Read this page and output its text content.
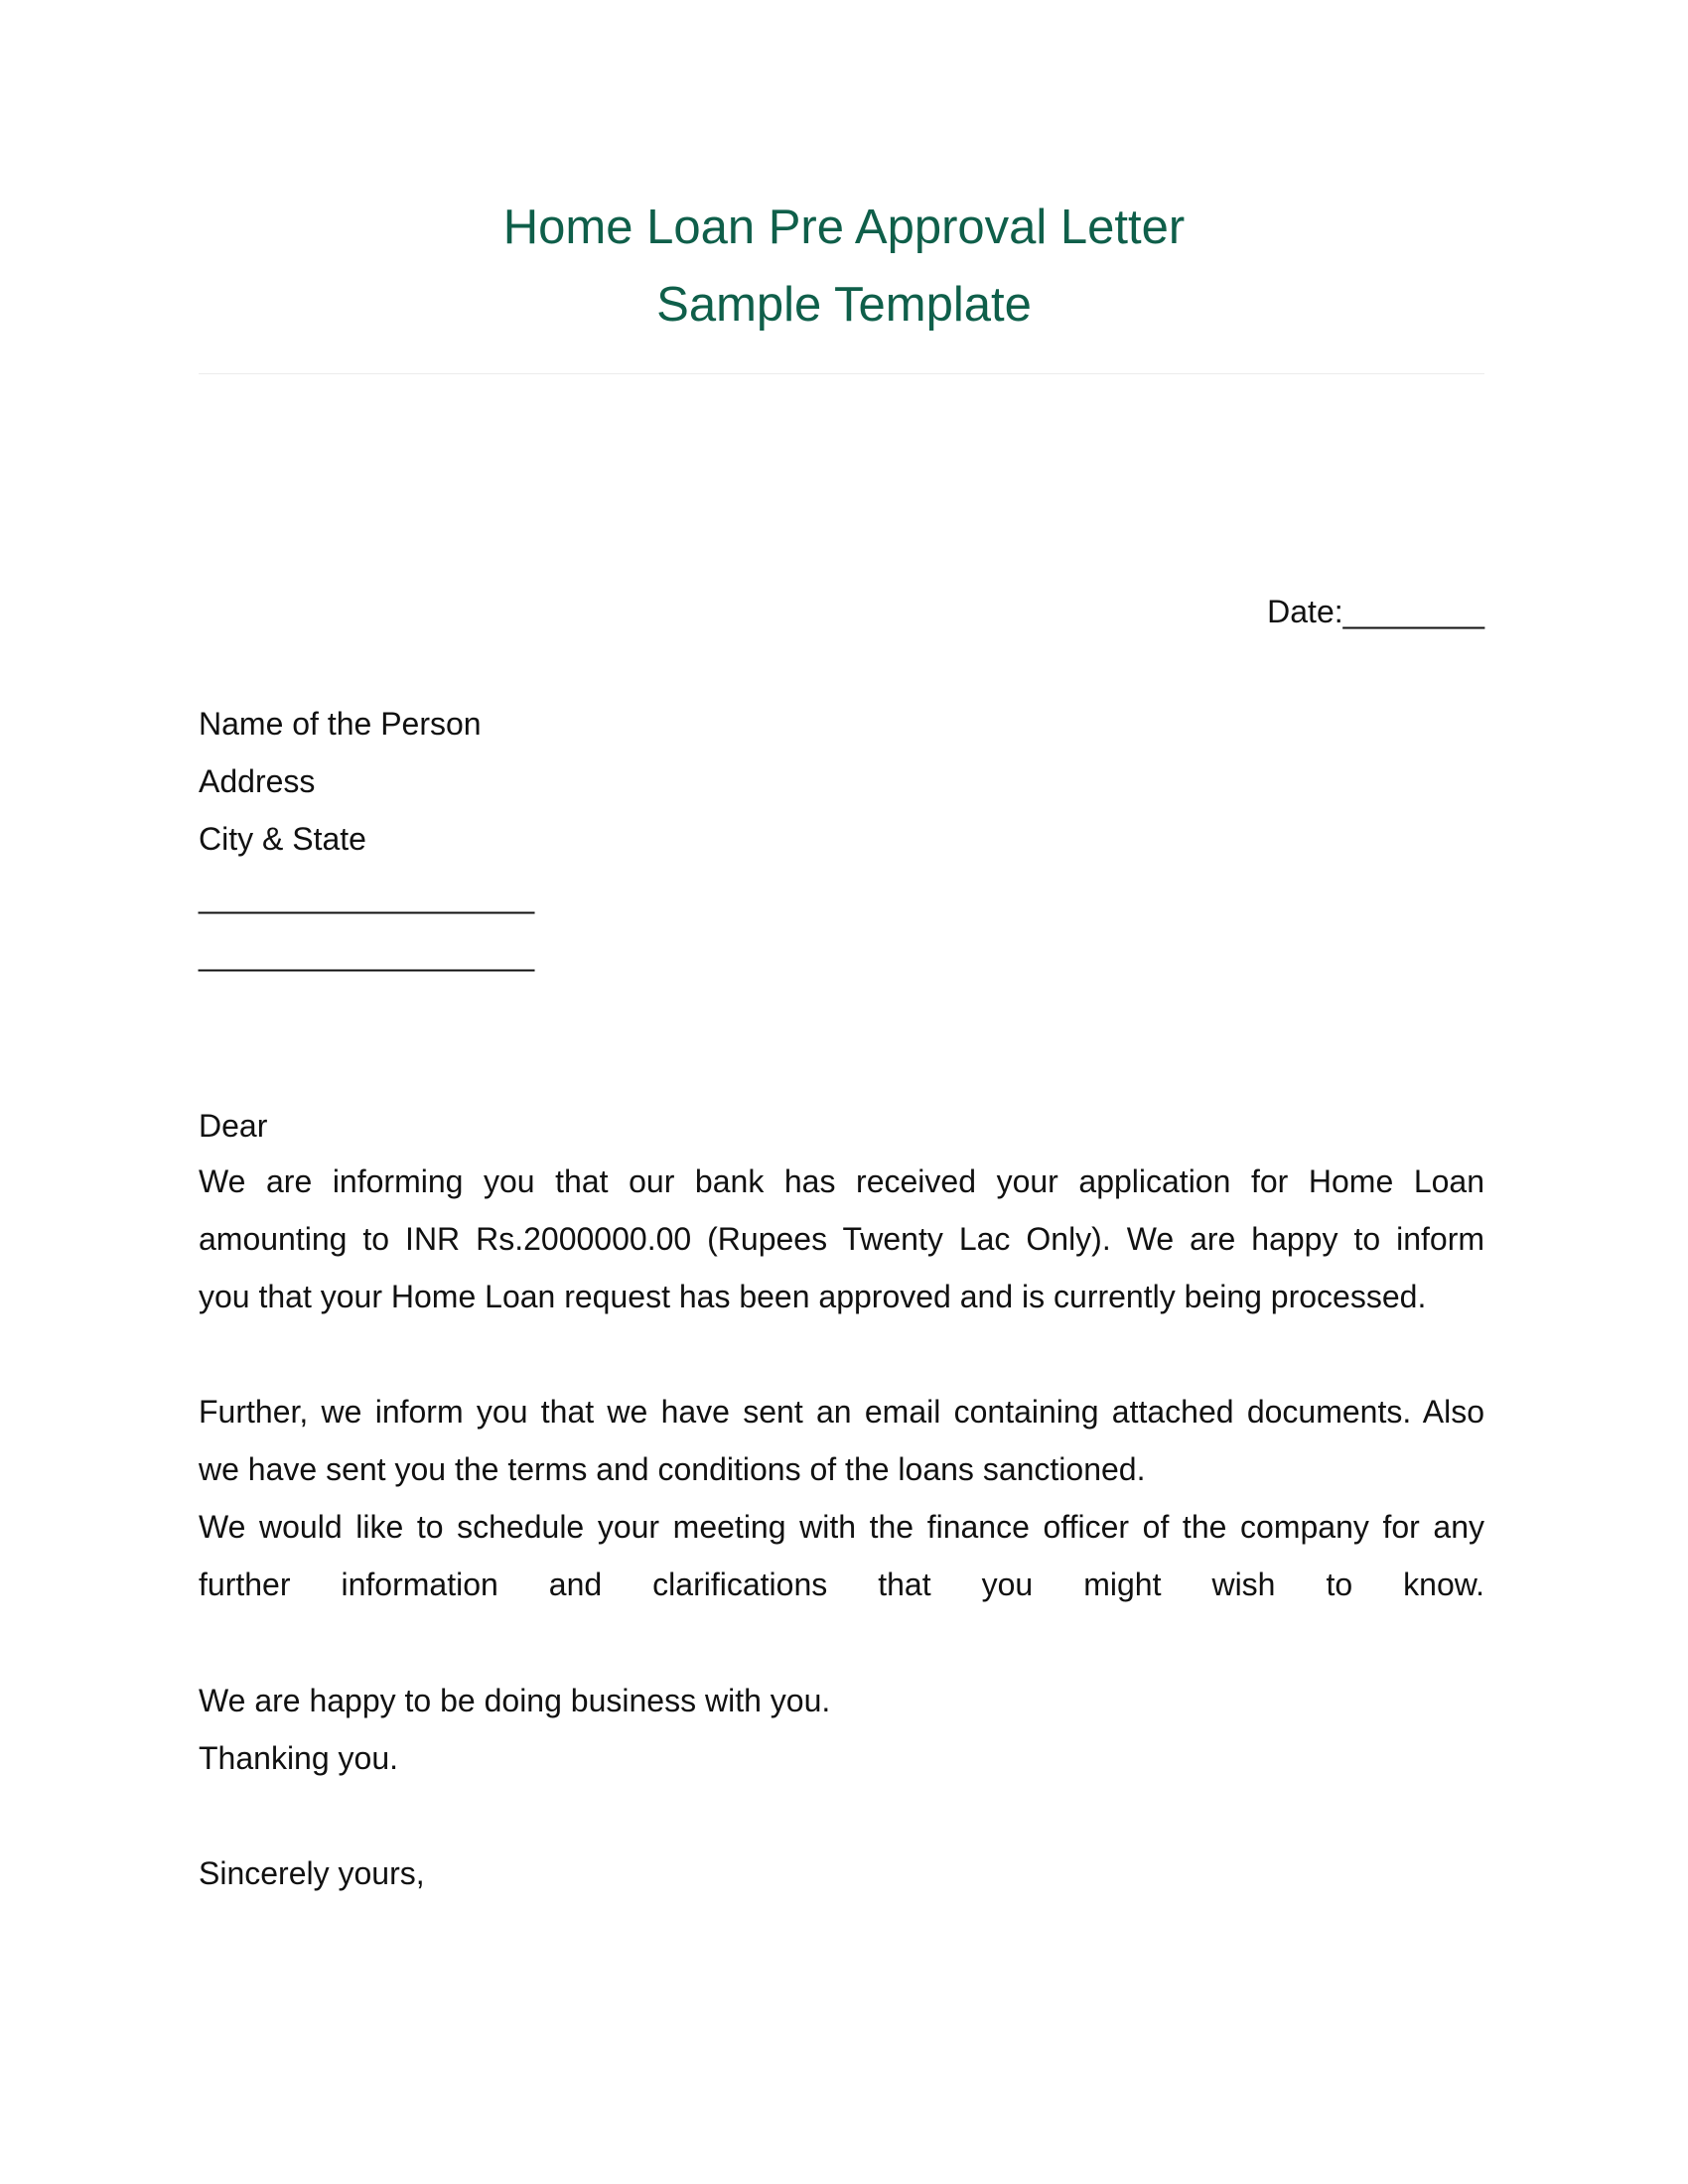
Home Loan Pre Approval Letter
Sample Template
Date:________
Name of the Person
Address
City & State
___________________
___________________
Dear
We are informing you that our bank has received your application for Home Loan
amounting to INR Rs.2000000.00 (Rupees Twenty Lac Only). We are happy to inform
you that your Home Loan request has been approved and is currently being processed.
Further, we inform you that we have sent an email containing attached documents. Also
we have sent you the terms and conditions of the loans sanctioned.
We would like to schedule your meeting with the finance officer of the company for any
further information and clarifications that you might wish to know.
We are happy to be doing business with you.
Thanking you.
Sincerely yours,
